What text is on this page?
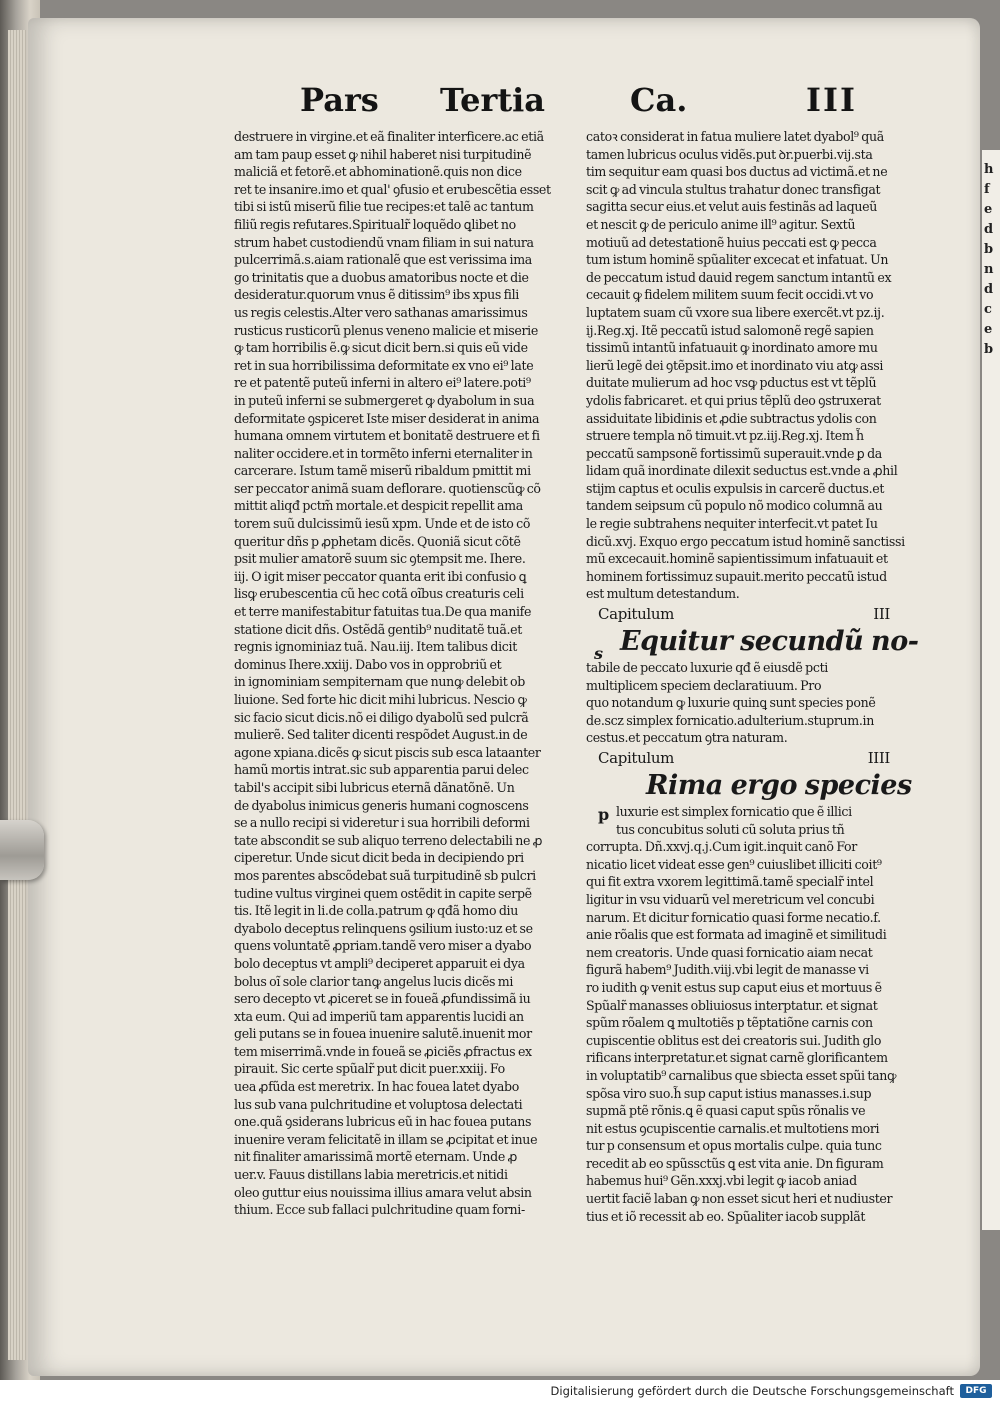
h
f
e
d
b
n
d
c
e
b
Pars Tertia	Ca.	III
destruere in virgine.et eã finaliter interficere.ac etiã
am tam paup esset ꝙ nihil haberet nisi turpitudinẽ
maliciã et fetorẽ.et abhominationẽ.quis non dice
ret te insanire.imo et qual' ꝯfusio et erubescẽtia esset
tibi si istũ miserũ filie tue recipes:et talẽ ac tantum
filiũ regis refutares.Spiritualr̃ loquẽdo ꝗlibet no
strum habet custodiendũ vnam filiam in sui natura
pulcerrimã.s.aiam rationalẽ que est verissima ima
go trinitatis que a duobus amatoribus nocte et die
desideratur.quorum vnus ẽ ditissim⁹ ibs xpus fili
us regis celestis.Alter vero sathanas amarissimus
rusticus rusticorũ plenus veneno malicie et miserie
ꝙ tam horribilis ẽ.ꝙ sicut dicit bern.si quis eũ vide
ret in sua horribilissima deformitate ex vno ei⁹ late
re et patentẽ puteũ inferni in altero ei⁹ latere.poti⁹
in puteũ inferni se submergeret ꝙ dyabolum in sua
deformitate ꝯspiceret Iste miser desiderat in anima
humana omnem virtutem et bonitatẽ destruere et fi
naliter occidere.et in tormẽto inferni eternaliter in
carcerare. Istum tamẽ miserũ ribaldum pmittit mi
ser peccator animã suam deflorare. quotienscũꝙ cõ
mittit aliqđ pctm̃ mortale.et despicit repellit ama
torem suũ dulcissimũ iesũ xpm. Unde et de isto cõ
queritur dñs p ꝓphetam dicẽs. Quoniã sicut cõtẽ
psit mulier amatorẽ suum sic ꝯtempsit me. Ihere.
iij. O igit miser peccator quanta erit ibi confusio ꝗ
lisꝙ erubescentia cũ hec cotã oĩbus creaturis celi
et terre manifestabitur fatuitas tua.De qua manife
statione dicit dñs. Ostẽdã gentib⁹ nuditatẽ tuã.et
regnis ignominiaz tuã. Nau.iij. Item talibus dicit
dominus Ihere.xxiij. Dabo vos in opprobriũ et
in ignominiam sempiternam que nunꝙ delebit ob
liuione. Sed forte hic dicit mihi lubricus. Nescio ꝙ
sic facio sicut dicis.nõ ei diligo dyabolũ sed pulcrã
mulierẽ. Sed taliter dicenti respõdet August.in de
agone xpiana.dicẽs ꝙ sicut piscis sub esca lataanter
hamũ mortis intrat.sic sub apparentia parui delec
tabil's accipit sibi lubricus eternã dãnatõnẽ. Un
de dyabolus inimicus generis humani cognoscens
se a nullo recipi si videretur i sua horribili deformi
tate abscondit se sub aliquo terreno delectabili ne ꝓ
ciperetur. Unde sicut dicit beda in decipiendo pri
mos parentes abscõdebat suã turpitudinẽ sb pulcri
tudine vultus virginei quem ostẽdit in capite serpẽ
tis. Itẽ legit in li.de colla.patrum ꝙ qđã homo diu
dyabolo deceptus relinquens ꝯsilium iusto:uz et se
quens voluntatẽ ꝓpriam.tandẽ vero miser a dyabo
bolo deceptus vt ampli⁹ deciperet apparuit ei dya
bolus oĩ sole clarior tanꝙ angelus lucis dicẽs mi
sero decepto vt ꝓiceret se in foueã ꝓfundissimã iu
xta eum. Qui ad imperiũ tam apparentis lucidi an
geli putans se in fouea inuenire salutẽ.inuenit mor
tem miserrimã.vnde in foueã se ꝓiciẽs ꝓfractus ex
pirauit. Sic certe spũalr̃ put dicit puer.xxiij. Fo
uea ꝓfũda est meretrix. In hac fouea latet dyabo
lus sub vana pulchritudine et voluptosa delectati
one.quã ꝯsiderans lubricus eũ in hac fouea putans
inuenire veram felicitatẽ in illam se ꝓcipitat et inue
nit finaliter amarissimã mortẽ eternam. Unde ꝓ
uer.v. Fauus distillans labia meretricis.et nitidi
oleo guttur eius nouissima illius amara velut absin
thium. Ecce sub fallaci pulchritudine quam forni-
catoꝛ considerat in fatua muliere latet dyabol⁹ quã
tamen lubricus oculus vidẽs.put ꝺr.puerbi.vij.sta
tim sequitur eam quasi bos ductus ad victimã.et ne
scit ꝙ ad vincula stultus trahatur donec transfigat
sagitta secur eius.et velut auis festinãs ad laqueũ
et nescit ꝙ de periculo anime ill⁹ agitur. Sextũ
motiuũ ad detestationẽ huius peccati est ꝙ pecca
tum istum hominẽ spũaliter excecat et infatuat. Un
de peccatum istud dauid regem sanctum intantũ ex
cecauit ꝙ fidelem militem suum fecit occidi.vt vo
luptatem suam cũ vxore sua libere exercẽt.vt pz.ij.
ij.Reg.xj. Itẽ peccatũ istud salomonẽ regẽ sapien
tissimũ intantũ infatuauit ꝙ inordinato amore mu
lierũ legẽ dei ꝯtẽpsit.imo et inordinato viu atꝙ assi
duitate mulierum ad hoc vsꝙ pductus est vt tẽplũ
ydolis fabricaret. et qui prius tẽplũ deo ꝯstruxerat
assiduitate libidinis et ꝓdie subtractus ydolis con
struere templa nõ timuit.vt pz.iij.Reg.xj. Item h̃
peccatũ sampsonẽ fortissimũ superauit.vnde ꝑ da
lidam quã inordinate dilexit seductus est.vnde a ꝓhil
stijm captus et oculis expulsis in carcerẽ ductus.et
tandem seipsum cũ populo nõ modico columnã au
le regie subtrahens nequiter interfecit.vt patet Iu
dicũ.xvj. Exquo ergo peccatum istud hominẽ sanctissi
mũ excecauit.hominẽ sapientissimum infatuauit et
hominem fortissimuz supauit.merito peccatũ istud
est multum detestandum.
Capitulum	III
s Equitur secundũ no-
tabile de peccato luxurie qđ ẽ eiusdẽ pcti
multiplicem speciem declaratiuum. Pro
quo notandum ꝙ luxurie quinꝗ sunt species ponẽ
de.scz simplex fornicatio.adulterium.stuprum.in
cestus.et peccatum ꝯtra naturam.
Capitulum	IIII
Rima ergo species
p luxurie est simplex fornicatio que ẽ illici
tus concubitus soluti cũ soluta prius tñ
corrupta. Dñ.xxvj.q.j.Cum igit.inquit canõ For
nicatio licet videat esse gen⁹ cuiuslibet illiciti coit⁹
qui fit extra vxorem legittimã.tamẽ specialr̃ intel
ligitur in vsu viduarũ vel meretricum vel concubi
narum. Et dicitur fornicatio quasi forme necatio.f.
anie rõalis que est formata ad imaginẽ et similitudi
nem creatoris. Unde quasi fornicatio aiam necat
figurã habem⁹ Judith.viij.vbi legit de manasse vi
ro iudith ꝙ venit estus sup caput eius et mortuus ẽ
Spũalr̃ manasses obliuiosus interptatur. et signat
spũm rõalem ꝗ multotiẽs p tẽptatiõne carnis con
cupiscentie oblitus est dei creatoris sui. Judith glo
rificans interpretatur.et signat carnẽ glorificantem
in voluptatib⁹ carnalibus que sbiecta esset spũi tanꝙ
spõsa viro suo.h̃ sup caput istius manasses.i.sup
supmã ptẽ rõnis.ꝗ ẽ quasi caput spũs rõnalis ve
nit estus ꝯcupiscentie carnalis.et multotiens mori
tur p consensum et opus mortalis culpe. quia tunc
recedit ab eo spũssctũs ꝗ est vita anie. Dn figuram
habemus hui⁹ Gẽn.xxxj.vbi legit ꝙ iacob aniad
uertit faciẽ laban ꝙ non esset sicut heri et nudiuster
tius et iõ recessit ab eo. Spũaliter iacob supplãt
Digitalisierung gefördert durch die Deutsche Forschungsgemeinschaft	DFG
